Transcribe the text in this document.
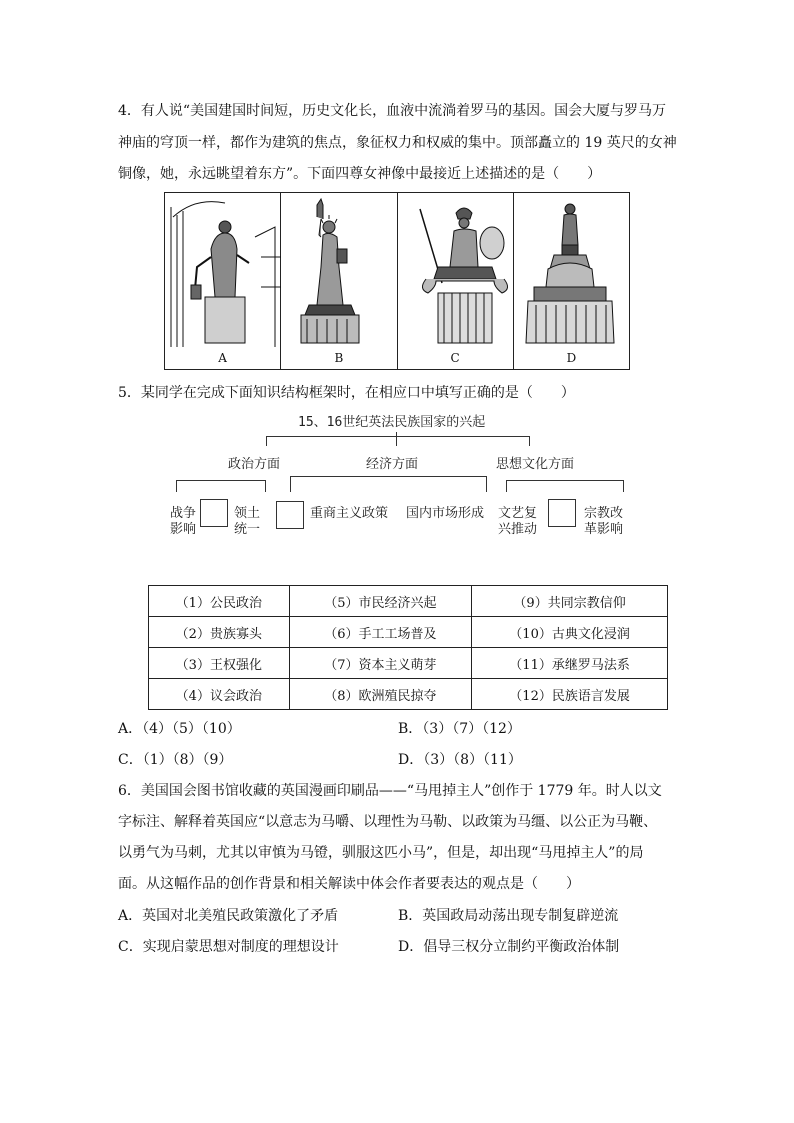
4．有人说“美国建国时间短，历史文化长，血液中流淌着罗马的基因。国会大厦与罗马万
神庙的穹顶一样，都作为建筑的焦点，象征权力和权威的集中。顶部矗立的 19 英尺的女神
铜像，她，永远眺望着东方”。下面四尊女神像中最接近上述描述的是（　　）
A	B	C	D
5．某同学在完成下面知识结构框架时，在相应口中填写正确的是（　　）
15、16世纪英法民族国家的兴起
政治方面	经济方面	思想文化方面
战争
影响
领土
统一
重商主义政策 国内市场形成 文艺复
兴推动
宗教改
革影响
（1）公民政治	（5）市民经济兴起	（9）共同宗教信仰
（2）贵族寡头	（6）手工工场普及	（10）古典文化浸润
（3）王权强化	（7）资本主义萌芽	（11）承继罗马法系
（4）议会政治	（8）欧洲殖民掠夺	（12）民族语言发展
A．（4）（5）（10）	B．（3）（7）（12）
C．（1）（8）（9）	D．（3）（8）（11）
6．美国国会图书馆收藏的英国漫画印刷品——“马甩掉主人”创作于 1779 年。时人以文
字标注、解释着英国应“以意志为马嚼、以理性为马勒、以政策为马缰、以公正为马鞭、
以勇气为马刺，尤其以审慎为马镫，驯服这匹小马”，但是，却出现“马甩掉主人”的局
面。从这幅作品的创作背景和相关解读中体会作者要表达的观点是（　　）
A．英国对北美殖民政策激化了矛盾	B．英国政局动荡出现专制复辟逆流
C．实现启蒙思想对制度的理想设计	D．倡导三权分立制约平衡政治体制
